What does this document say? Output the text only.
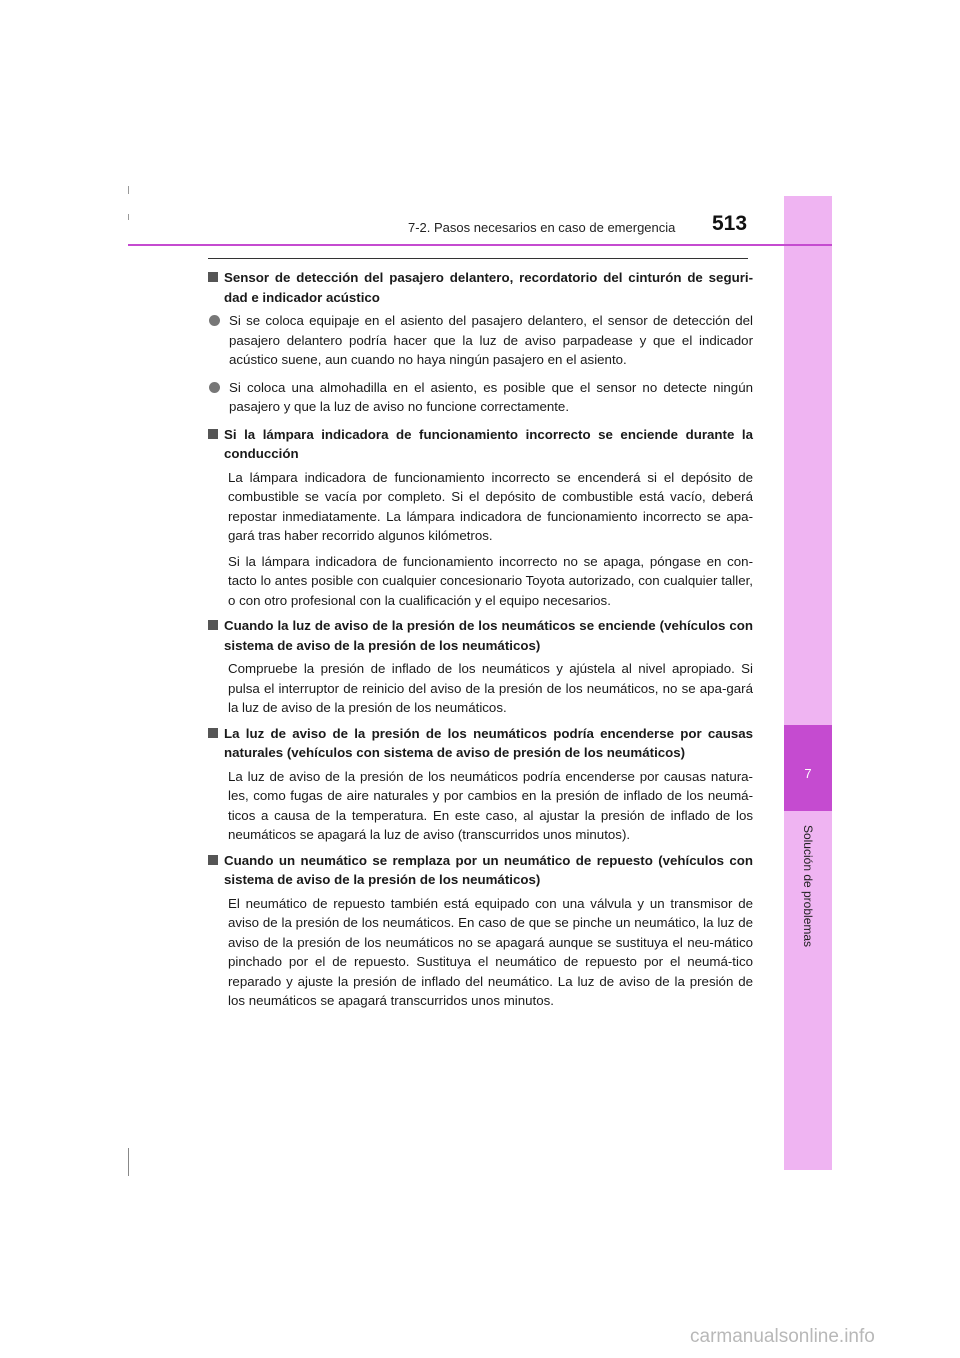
7
Solución de problemas
7-2. Pasos necesarios en caso de emergencia 513
Sensor de detección del pasajero delantero, recordatorio del cinturón de seguri-dad e indicador acústico
Si se coloca equipaje en el asiento del pasajero delantero, el sensor de detección del pasajero delantero podría hacer que la luz de aviso parpadease y que el indicador acústico suene, aun cuando no haya ningún pasajero en el asiento.
Si coloca una almohadilla en el asiento, es posible que el sensor no detecte ningún pasajero y que la luz de aviso no funcione correctamente.
Si la lámpara indicadora de funcionamiento incorrecto se enciende durante la conducción
La lámpara indicadora de funcionamiento incorrecto se encenderá si el depósito de combustible se vacía por completo. Si el depósito de combustible está vacío, deberá repostar inmediatamente. La lámpara indicadora de funcionamiento incorrecto se apa-gará tras haber recorrido algunos kilómetros.
Si la lámpara indicadora de funcionamiento incorrecto no se apaga, póngase en con-tacto lo antes posible con cualquier concesionario Toyota autorizado, con cualquier taller, o con otro profesional con la cualificación y el equipo necesarios.
Cuando la luz de aviso de la presión de los neumáticos se enciende (vehículos con sistema de aviso de la presión de los neumáticos)
Compruebe la presión de inflado de los neumáticos y ajústela al nivel apropiado. Si pulsa el interruptor de reinicio del aviso de la presión de los neumáticos, no se apa-gará la luz de aviso de la presión de los neumáticos.
La luz de aviso de la presión de los neumáticos podría encenderse por causas naturales (vehículos con sistema de aviso de presión de los neumáticos)
La luz de aviso de la presión de los neumáticos podría encenderse por causas natura-les, como fugas de aire naturales y por cambios en la presión de inflado de los neumá-ticos a causa de la temperatura. En este caso, al ajustar la presión de inflado de los neumáticos se apagará la luz de aviso (transcurridos unos minutos).
Cuando un neumático se remplaza por un neumático de repuesto (vehículos con sistema de aviso de la presión de los neumáticos)
El neumático de repuesto también está equipado con una válvula y un transmisor de aviso de la presión de los neumáticos. En caso de que se pinche un neumático, la luz de aviso de la presión de los neumáticos no se apagará aunque se sustituya el neu-mático pinchado por el de repuesto. Sustituya el neumático de repuesto por el neumá-tico reparado y ajuste la presión de inflado del neumático. La luz de aviso de la presión de los neumáticos se apagará transcurridos unos minutos.
carmanualsonline.info
